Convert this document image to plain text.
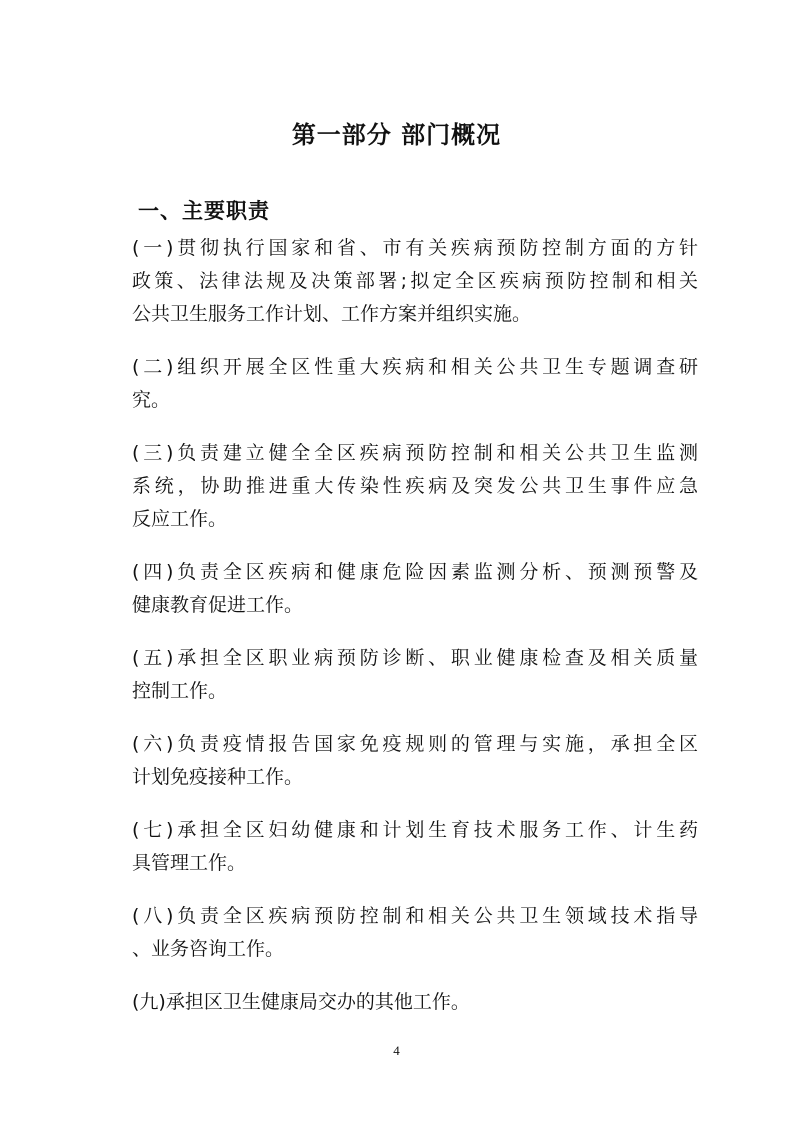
第一部分 部门概况
一、主要职责
(一)贯彻执行国家和省、市有关疾病预防控制方面的方针
政策、法律法规及决策部署;拟定全区疾病预防控制和相关
公共卫生服务工作计划、工作方案并组织实施。
(二)组织开展全区性重大疾病和相关公共卫生专题调查研
究。
(三)负责建立健全全区疾病预防控制和相关公共卫生监测
系统，协助推进重大传染性疾病及突发公共卫生事件应急
反应工作。
(四)负责全区疾病和健康危险因素监测分析、预测预警及
健康教育促进工作。
(五)承担全区职业病预防诊断、职业健康检查及相关质量
控制工作。
(六)负责疫情报告国家免疫规则的管理与实施，承担全区
计划免疫接种工作。
(七)承担全区妇幼健康和计划生育技术服务工作、计生药
具管理工作。
(八)负责全区疾病预防控制和相关公共卫生领域技术指导
、业务咨询工作。
(九)承担区卫生健康局交办的其他工作。
4
